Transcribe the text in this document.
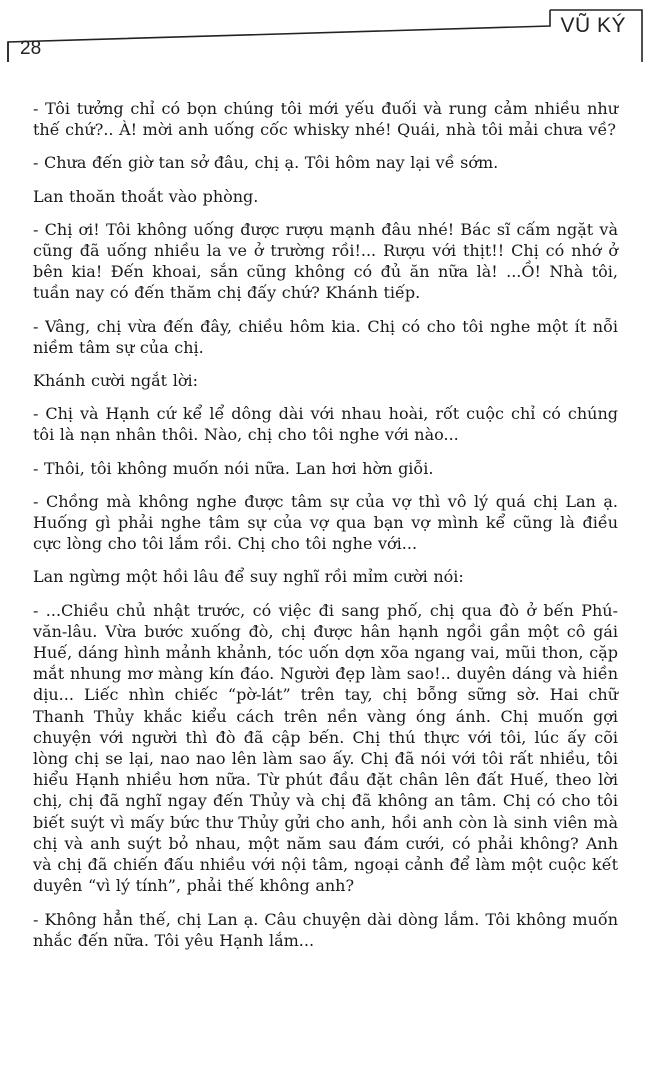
28
VŨ KÝ

- Tôi tưởng chỉ có bọn chúng tôi mới yếu đuối và rung cảm nhiều như thế chứ?.. À! mời anh uống cốc whisky nhé! Quái, nhà tôi mải chưa về?

- Chưa đến giờ tan sở đâu, chị ạ. Tôi hôm nay lại về sớm.

Lan thoăn thoắt vào phòng.

- Chị ơi! Tôi không uống được rượu mạnh đâu nhé! Bác sĩ cấm ngặt và cũng đã uống nhiều la ve ở trường rồi!... Rượu với thịt!! Chị có nhớ ở bên kia! Đến khoai, sắn cũng không có đủ ăn nữa là! ...Ồ! Nhà tôi, tuần nay có đến thăm chị đấy chứ? Khánh tiếp.

- Vâng, chị vừa đến đây, chiều hôm kia. Chị có cho tôi nghe một ít nỗi niềm tâm sự của chị.

Khánh cười ngắt lời:

- Chị và Hạnh cứ kể lể dông dài với nhau hoài, rốt cuộc chỉ có chúng tôi là nạn nhân thôi. Nào, chị cho tôi nghe với nào...

- Thôi, tôi không muốn nói nữa. Lan hơi hờn giỗi.

- Chồng mà không nghe được tâm sự của vợ thì vô lý quá chị Lan ạ. Huống gì phải nghe tâm sự của vợ qua bạn vợ mình kể cũng là điều cực lòng cho tôi lắm rồi. Chị cho tôi nghe với...

Lan ngừng một hồi lâu để suy nghĩ rồi mỉm cười nói:

- ...Chiều chủ nhật trước, có việc đi sang phố, chị qua đò ở bến Phú-văn-lâu. Vừa bước xuống đò, chị được hân hạnh ngồi gần một cô gái Huế, dáng hình mảnh khảnh, tóc uốn dợn xõa ngang vai, mũi thon, cặp mắt nhung mơ màng kín đáo. Người đẹp làm sao!.. duyên dáng và hiền dịu... Liếc nhìn chiếc “pờ-lát” trên tay, chị bỗng sững sờ. Hai chữ Thanh Thủy khắc kiểu cách trên nền vàng óng ánh. Chị muốn gợi chuyện với người thì đò đã cập bến. Chị thú thực với tôi, lúc ấy cõi lòng chị se lại, nao nao lên làm sao ấy. Chị đã nói với tôi rất nhiều, tôi hiểu Hạnh nhiều hơn nữa. Từ phút đầu đặt chân lên đất Huế, theo lời chị, chị đã nghĩ ngay đến Thủy và chị đã không an tâm. Chị có cho tôi biết suýt vì mấy bức thư Thủy gửi cho anh, hồi anh còn là sinh viên mà chị và anh suýt bỏ nhau, một năm sau đám cưới, có phải không? Anh và chị đã chiến đấu nhiều với nội tâm, ngoại cảnh để làm một cuộc kết duyên “vì lý tính”, phải thế không anh?

- Không hẳn thế, chị Lan ạ. Câu chuyện dài dòng lắm. Tôi không muốn nhắc đến nữa. Tôi yêu Hạnh lắm...
